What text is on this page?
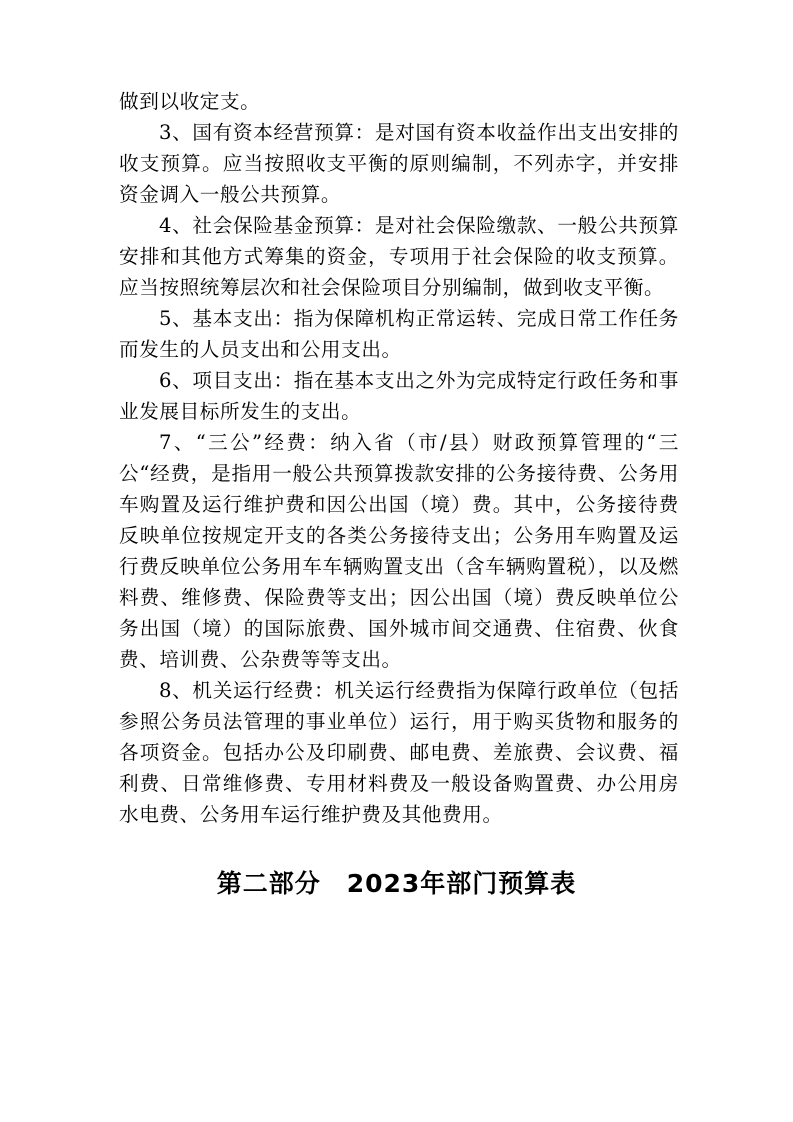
做到以收定支。

3、国有资本经营预算：是对国有资本收益作出支出安排的收支预算。应当按照收支平衡的原则编制，不列赤字，并安排资金调入一般公共预算。

4、社会保险基金预算：是对社会保险缴款、一般公共预算安排和其他方式筹集的资金，专项用于社会保险的收支预算。应当按照统筹层次和社会保险项目分别编制，做到收支平衡。

5、基本支出：指为保障机构正常运转、完成日常工作任务而发生的人员支出和公用支出。

6、项目支出：指在基本支出之外为完成特定行政任务和事业发展目标所发生的支出。

7、“三公”经费：纳入省（市/县）财政预算管理的“三公“经费，是指用一般公共预算拨款安排的公务接待费、公务用车购置及运行维护费和因公出国（境）费。其中，公务接待费反映单位按规定开支的各类公务接待支出；公务用车购置及运行费反映单位公务用车车辆购置支出（含车辆购置税），以及燃料费、维修费、保险费等支出；因公出国（境）费反映单位公务出国（境）的国际旅费、国外城市间交通费、住宿费、伙食费、培训费、公杂费等等支出。

8、机关运行经费：机关运行经费指为保障行政单位（包括参照公务员法管理的事业单位）运行，用于购买货物和服务的各项资金。包括办公及印刷费、邮电费、差旅费、会议费、福利费、日常维修费、专用材料费及一般设备购置费、办公用房水电费、公务用车运行维护费及其他费用。

第二部分　2023年部门预算表
